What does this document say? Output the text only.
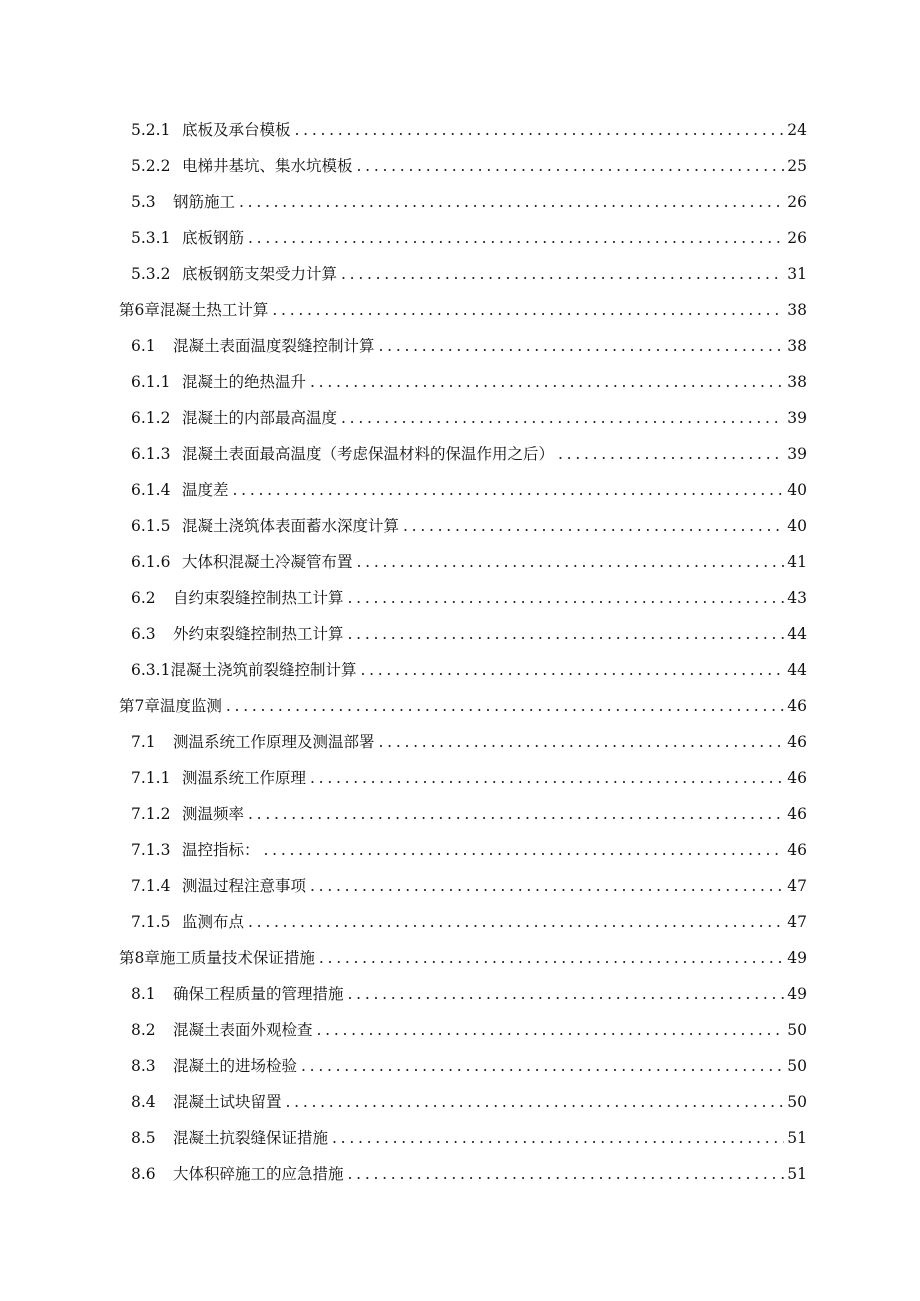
5.2.1 底板及承台模板 . . .	24
5.2.2 电梯井基坑、集水坑模板 . . .	25
5.3	钢筋施工 . . .	26
5.3.1 底板钢筋 . . .	26
5.3.2 底板钢筋支架受力计算 . . .	31
第6章 混凝土热工计算 . . .	38
6.1	混凝土表面温度裂缝控制计算 . . .	38
6.1.1 混凝土的绝热温升 . . .	38
6.1.2 混凝土的内部最高温度 . . .	39
6.1.3 混凝土表面最高温度（考虑保温材料的保温作用之后） . . .	39
6.1.4 温度差 . . .	40
6.1.5 混凝土浇筑体表面蓄水深度计算 . . .	40
6.1.6 大体积混凝土冷凝管布置 . . .	41
6.2	自约束裂缝控制热工计算 . . .	43
6.3	外约束裂缝控制热工计算 . . .	44
6.3.1 混凝土浇筑前裂缝控制计算 . . .	44
第7章 温度监测 . . .	46
7.1	测温系统工作原理及测温部署 . . .	46
7.1.1 测温系统工作原理 . . .	46
7.1.2 测温频率 . . .	46
7.1.3 温控指标： . . .	46
7.1.4 测温过程注意事项 . . .	47
7.1.5 监测布点 . . .	47
第8章 施工质量技术保证措施 . . .	49
8.1	确保工程质量的管理措施 . . .	49
8.2	混凝土表面外观检查 . . .	50
8.3	混凝土的进场检验 . . .	50
8.4	混凝土试块留置 . . .	50
8.5	混凝土抗裂缝保证措施 . . .	51
8.6	大体积碎施工的应急措施 . . .	51
